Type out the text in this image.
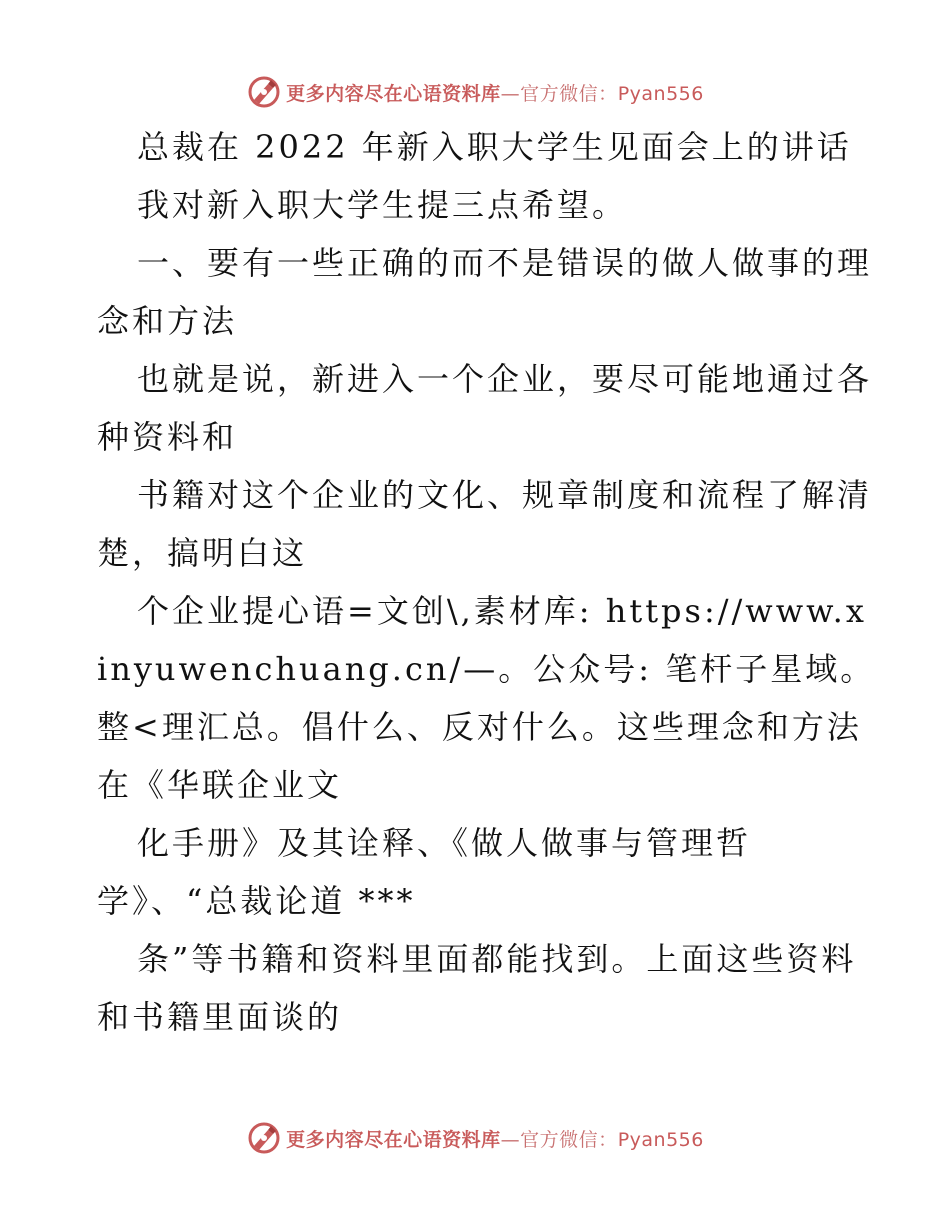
更多内容尽在心语资料库—官方微信：Pyan556

总裁在 2022 年新入职大学生见面会上的讲话

我对新入职大学生提三点希望。

一、要有一些正确的而不是错误的做人做事的理念和方法

也就是说，新进入一个企业，要尽可能地通过各种资料和

书籍对这个企业的文化、规章制度和流程了解清楚，搞明白这

个企业提心语=文创\,素材库: https://www.xinyuwenchuang.cn/—。公众号: 笔杆子星域。整<理汇总。倡什么、反对什么。这些理念和方法在《华联企业文

化手册》及其诠释、《做人做事与管理哲学》、“总裁论道 ***

条”等书籍和资料里面都能找到。上面这些资料和书籍里面谈的

更多内容尽在心语资料库—官方微信：Pyan556
